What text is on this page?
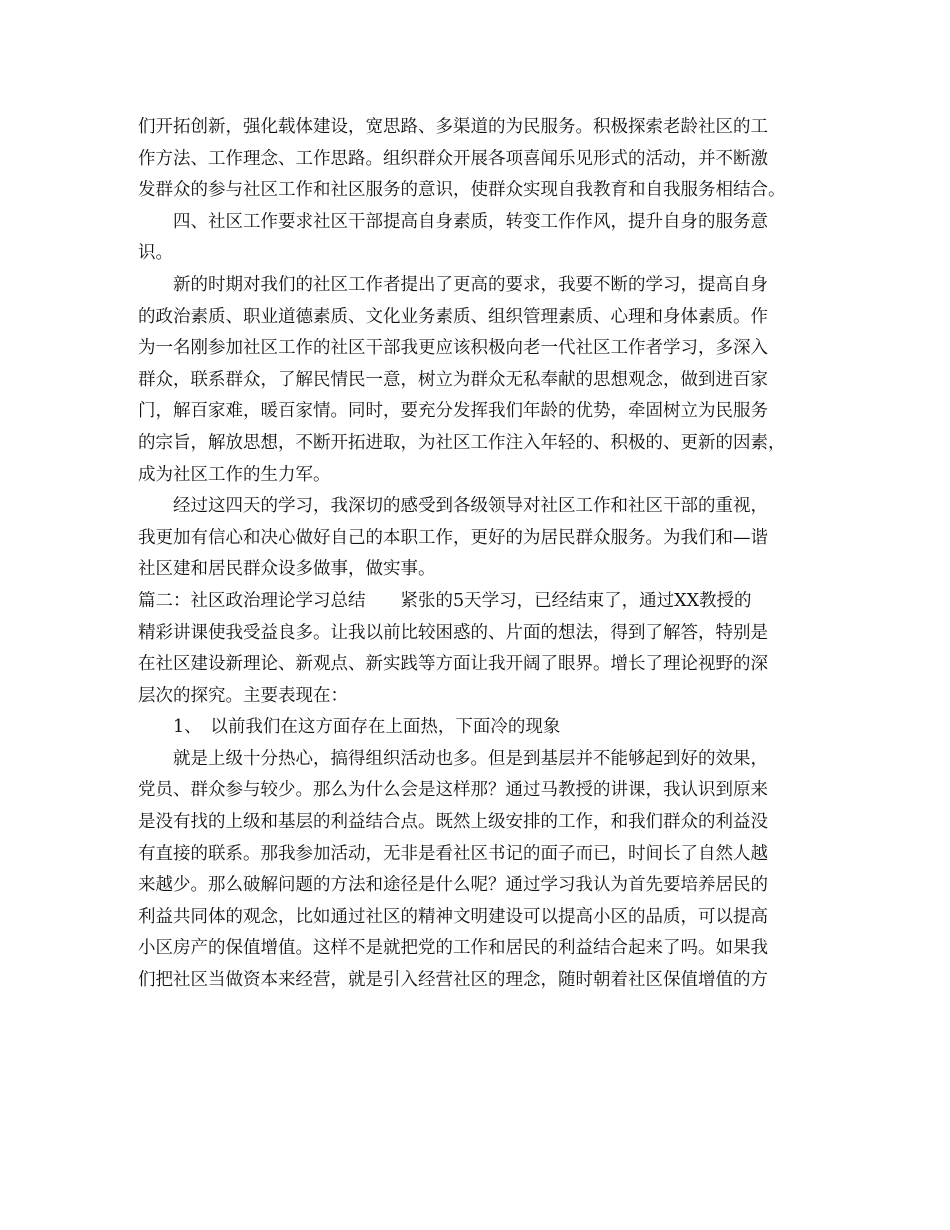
们开拓创新，强化载体建设，宽思路、多渠道的为民服务。积极探索老龄社区的工
作方法、工作理念、工作思路。组织群众开展各项喜闻乐见形式的活动，并不断激
发群众的参与社区工作和社区服务的意识，使群众实现自我教育和自我服务相结合。
四、社区工作要求社区干部提高自身素质，转变工作作风，提升自身的服务意
识。
新的时期对我们的社区工作者提出了更高的要求，我要不断的学习，提高自身
的政治素质、职业道德素质、文化业务素质、组织管理素质、心理和身体素质。作
为一名刚参加社区工作的社区干部我更应该积极向老一代社区工作者学习，多深入
群众，联系群众，了解民情民一意，树立为群众无私奉献的思想观念，做到进百家
门，解百家难，暖百家情。同时，要充分发挥我们年龄的优势，牵固树立为民服务
的宗旨，解放思想，不断开拓进取，为社区工作注入年轻的、积极的、更新的因素，
成为社区工作的生力军。
经过这四天的学习，我深切的感受到各级领导对社区工作和社区干部的重视，
我更加有信心和决心做好自己的本职工作，更好的为居民群众服务。为我们和—谐
社区建和居民群众设多做事，做实事。
篇二：社区政治理论学习总结　　紧张的5天学习，已经结束了，通过XX教授的
精彩讲课使我受益良多。让我以前比较困惑的、片面的想法，得到了解答，特别是
在社区建设新理论、新观点、新实践等方面让我开阔了眼界。增长了理论视野的深
层次的探究。主要表现在：
1、　以前我们在这方面存在上面热，下面冷的现象
就是上级十分热心，搞得组织活动也多。但是到基层并不能够起到好的效果，
党员、群众参与较少。那么为什么会是这样那？通过马教授的讲课，我认识到原来
是没有找的上级和基层的利益结合点。既然上级安排的工作，和我们群众的利益没
有直接的联系。那我参加活动，无非是看社区书记的面子而已，时间长了自然人越
来越少。那么破解问题的方法和途径是什么呢？通过学习我认为首先要培养居民的
利益共同体的观念，比如通过社区的精神文明建设可以提高小区的品质，可以提高
小区房产的保值增值。这样不是就把党的工作和居民的利益结合起来了吗。如果我
们把社区当做资本来经营，就是引入经营社区的理念，随时朝着社区保值增值的方
